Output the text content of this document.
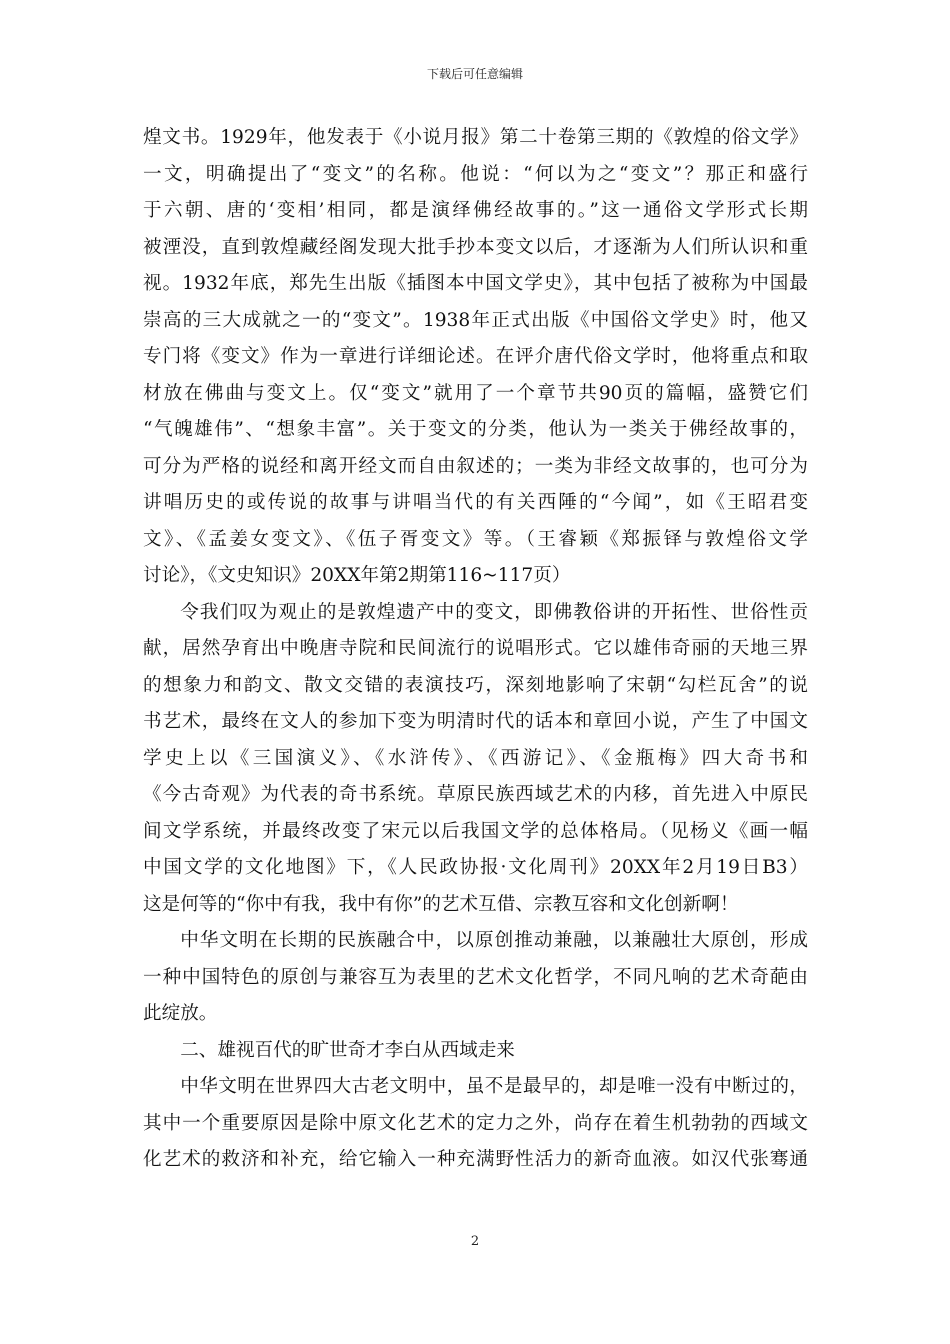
下载后可任意编辑
煌文书。1929年，他发表于《小说月报》第二十卷第三期的《敦煌的俗文学》
一文，明确提出了“变文”的名称。他说：“何以为之“变文”？那正和盛行
于六朝、唐的‘变相’相同，都是演绎佛经故事的。”这一通俗文学形式长期
被湮没，直到敦煌藏经阁发现大批手抄本变文以后，才逐渐为人们所认识和重
视。1932年底，郑先生出版《插图本中国文学史》，其中包括了被称为中国最
崇高的三大成就之一的“变文”。1938年正式出版《中国俗文学史》时，他又
专门将《变文》作为一章进行详细论述。在评介唐代俗文学时，他将重点和取
材放在佛曲与变文上。仅“变文”就用了一个章节共90页的篇幅，盛赞它们
“气魄雄伟”、“想象丰富”。关于变文的分类，他认为一类关于佛经故事的，
可分为严格的说经和离开经文而自由叙述的；一类为非经文故事的，也可分为
讲唱历史的或传说的故事与讲唱当代的有关西陲的“今闻”，如《王昭君变
文》、《孟姜女变文》、《伍子胥变文》等。（王睿颖《郑振铎与敦煌俗文学
讨论》，《文史知识》20XX年第2期第116~117页）
令我们叹为观止的是敦煌遗产中的变文，即佛教俗讲的开拓性、世俗性贡
献，居然孕育出中晚唐寺院和民间流行的说唱形式。它以雄伟奇丽的天地三界
的想象力和韵文、散文交错的表演技巧，深刻地影响了宋朝“勾栏瓦舍”的说
书艺术，最终在文人的参加下变为明清时代的话本和章回小说，产生了中国文
学史上以《三国演义》、《水浒传》、《西游记》、《金瓶梅》四大奇书和
《今古奇观》为代表的奇书系统。草原民族西域艺术的内移，首先进入中原民
间文学系统，并最终改变了宋元以后我国文学的总体格局。（见杨义《画一幅
中国文学的文化地图》下，《人民政协报·文化周刊》20XX年2月19日B3）
这是何等的“你中有我，我中有你”的艺术互借、宗教互容和文化创新啊！
中华文明在长期的民族融合中，以原创推动兼融，以兼融壮大原创，形成
一种中国特色的原创与兼容互为表里的艺术文化哲学，不同凡响的艺术奇葩由
此绽放。
二、雄视百代的旷世奇才李白从西域走来
中华文明在世界四大古老文明中，虽不是最早的，却是唯一没有中断过的，
其中一个重要原因是除中原文化艺术的定力之外，尚存在着生机勃勃的西域文
化艺术的救济和补充，给它输入一种充满野性活力的新奇血液。如汉代张骞通
2
